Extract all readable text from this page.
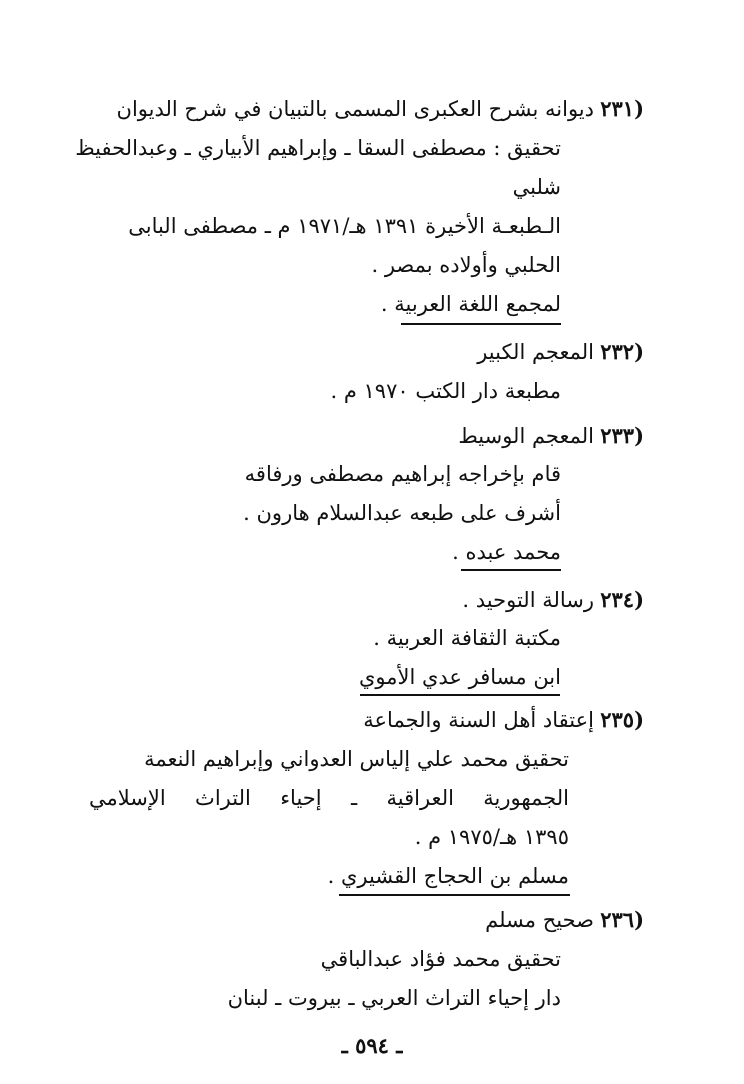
(٢٣١
ديوانه بشرح العكبرى المسمى بالتبيان في شرح الديوان
تحقيق : مصطفى السقا ـ وإبراهيم الأبياري ـ وعبدالحفيظ
شلبي
الـطبعـة الأخيرة ١٣٩١ هـ/١٩٧١ م ـ مصطفى البابى
الحلبي وأولاده بمصر .
لمجمع اللغة العربية .
(٢٣٢
المعجم الكبير
مطبعة دار الكتب ١٩٧٠ م .
(٢٣٣
المعجم الوسيط
قام بإخراجه إبراهيم مصطفى ورفاقه
أشرف على طبعه عبدالسلام هارون .
محمد عبده .
(٢٣٤
رسالة التوحيد .
مكتبة الثقافة العربية .
ابن مسافر عدي الأموي
(٢٣٥
إعتقاد أهل السنة والجماعة
تحقيق محمد علي إلياس العدواني وإبراهيم النعمة
الجمهورية العراقية ـ إحياء التراث الإسلامي
١٣٩٥ هـ/١٩٧٥ م .
مسلم بن الحجاج القشيري .
(٢٣٦
صحيح مسلم
تحقيق محمد فؤاد عبدالباقي
دار إحياء التراث العربي ـ بيروت ـ لبنان
ـ ٥٩٤ ـ
